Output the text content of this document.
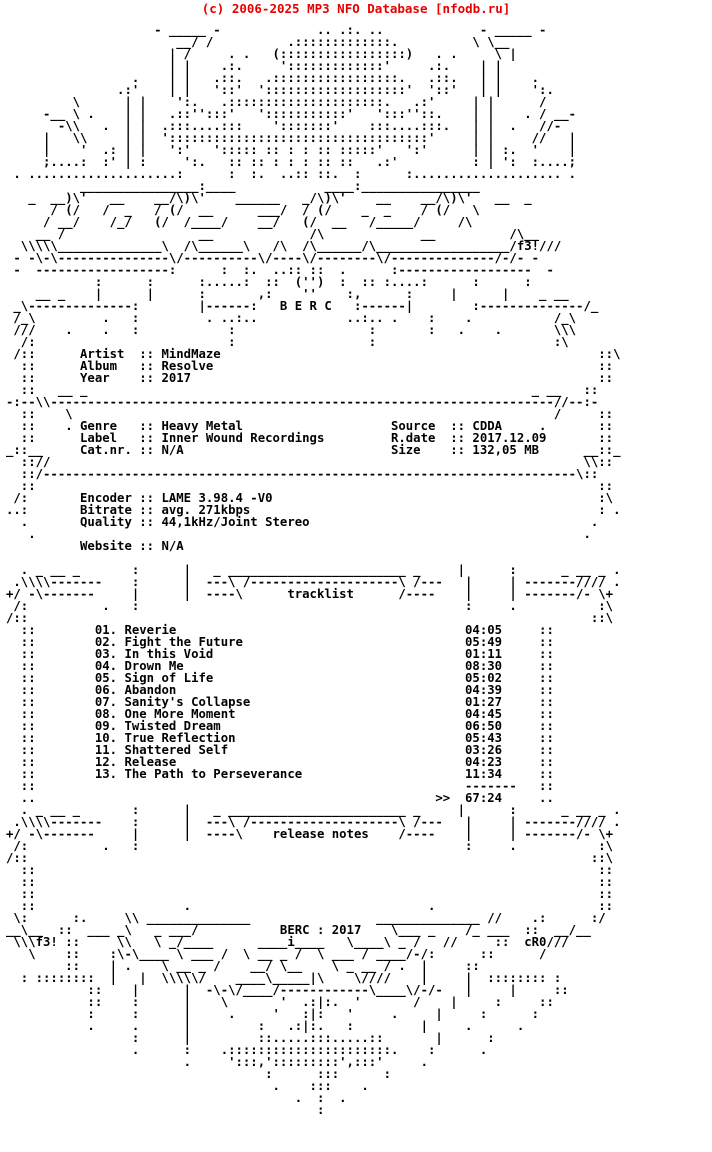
(c) 2006-2025 MP3 NFO Database [nfodb.ru]
- _____ -             .. .:. ..             - _____ -
__/ /          .:::::::::::::.          \ \__
| /     . .   (:::::::::::::::::)   . .     \ |
| |    .:.     ':::::::::::::'     .:.    | |
.    | |   .::.   .:::::::::::::::::.   .::.   | |    .
.:'    | |   '::'  ':::::::::::::::::::'  '::'   | |    ':.
\      | |    ':.   .:::::::::::::::::::::.   .:'     | |      /
-__ \ .    | |   .::'':::'   ':::::::::::'   ':::''::.    | |    . / __-
-\\   .  | |  .:::....:::    ':::::::'    :::....:::.   | |  .   //-
|   \\     | |  ':::::::::::::::::::::::::::::::::::'     | |     //   |
|    '  .: | |   ':'   '::::: :: : : :: :::::'   ':'      | | :.  '    |
;....:  :' | :     ':.   :: :: : : : :: ::   .:'          : | ':  :....;
. ....................:      :  :.  ..:: ::.  :      :.................... .
________________:____            ____:________________
_  __)\'   __    __/\)\'    ______   _/\)\'    __    __/\)\'   __  _
/ (/   /  _   / (/  __      ___/  / (/    _  _    / (/   \
/ __/    /_/   (/  /____/    __/   (/  __   /_____/     /\
__ /                  __             /\             __          /\__
\\\\\______________\  /\______\   /\  /\______/\__________________/f3!///
- -\-\---------------\/----------\/----\/--------\/--------------/-/- -
-  ------------------:      :  :.  ..:: ::  .      :------------------  -
:      :      :.....:  ::  ('')  :  :: :....:      :      :
__ _    |      |      :       ,:    ''    :,      :     |      |    _ __
_\--------------:        |------:   B E R C   :------|        :--------------/_
/_\         .   :         . ..:..            ..:.. .    :    .           /_\
///    .    .   :            :                  :       :   .    .       \\\
/:                          :                  :                        :\
/::      Artist  :: MindMaze                                                   ::\
::      Album   :: Resolve                                                    ::
::      Year    :: 2017                                                       ::
::   __ _                                                            _ __   ::
-:--\\--------------------------------------------------------------------//--:-
::    \                                                                 /     ::
::    . Genre   :: Heavy Metal                    Source  :: CDDA     .       ::
::      Label   :: Inner Wound Recordings         R.date  :: 2017.12.09       ::
_::__     Cat.nr. :: N/A                            Size    :: 132,05 MB      __::_
:://                                                                        \\::
::/------------------------------------------------------------------------\::
::                                                                            ::
/:       Encoder :: LAME 3.98.4 -V0                                            :\
..:       Bitrate :: avg. 271kbps                                               : .
.       Quality :: 44,1kHz/Joint Stereo                                      .
.                                                                          .
Website :: N/A

. _ __ _       :      |   _ ________________________ _     |      :      _ __ _ .
.\\\\-------    :      |  ---\ /--------------------\ /---   |     | -------//// .
+/ -\-------     |      |  ----\      tracklist      /----    |     | -------/- \+
/:          .   :                                            :     .           :\
/::                                                                            ::\
::        01. Reverie                                       04:05     ::
::        02. Fight the Future                              05:49     ::
::        03. In this Void                                  01:11     ::
::        04. Drown Me                                      08:30     ::
::        05. Sign of Life                                  05:02     ::
::        06. Abandon                                       04:39     ::
::        07. Sanity's Collapse                             01:27     ::
::        08. One More Moment                               04:45     ::
::        09. Twisted Dream                                 06:50     ::
::        10. True Reflection                               05:43     ::
::        11. Shattered Self                                03:26     ::
::        12. Release                                       04:23     ::
::        13. The Path to Perseverance                      11:34     ::
::                                                          -------   ::
..                                                      >>  67:24     ..
. _ __ _       :      |   _ ________________________ _     |      :      _ __ _ .
.\\\\-------    :      |  ---\ /--------------------\ /---   |     | -------//// .
+/ -\-------     |      |  ----\    release notes    /----    |     | -------/- \+
/:          .   :                                            :     .           :\
/::                                                                            ::\
::                                                                            ::
::                                                                            ::
::                                                                            ::
::                    .                                .                      ::
\:      :.     \\ ______________                 ______________ //    .:      :/
__\__  ::  ___ _\   _ ___/           BERC : 2017    \___ _    /_ ___  ::  __/__
\\\f3! ::     \\   \ _/____      ____i____   \____\ _ /   //     ::  cR0///
\    ::    :\-\____ \ ___ /  \ __ _ /  \ ___ / ____/-/:      ::      /
::    | .    \ __ _ /    __/ \__    \ _ __ / .  |     ::
: ::::::::  |   |  \\\\\/    ____\_____|\    \////    |     |  :::::::: :
::    |      |  -\-\/____/------------\____\/-/-   |     |     ::
::    :      |    \       '  .:|:.  '       /    |     :     ::
:     :      |     .     '   :|:   '     .     |     :      :
.     .      |         :   .:|:.   :         |     .      .
:      |         ::.....:::.....::       |      :
.      :    .::::::::::::::::::::::.    :      .
.     ':::,':::::::::',:::'     .
:      :::      :
.    :::    .
.  :  .
:
